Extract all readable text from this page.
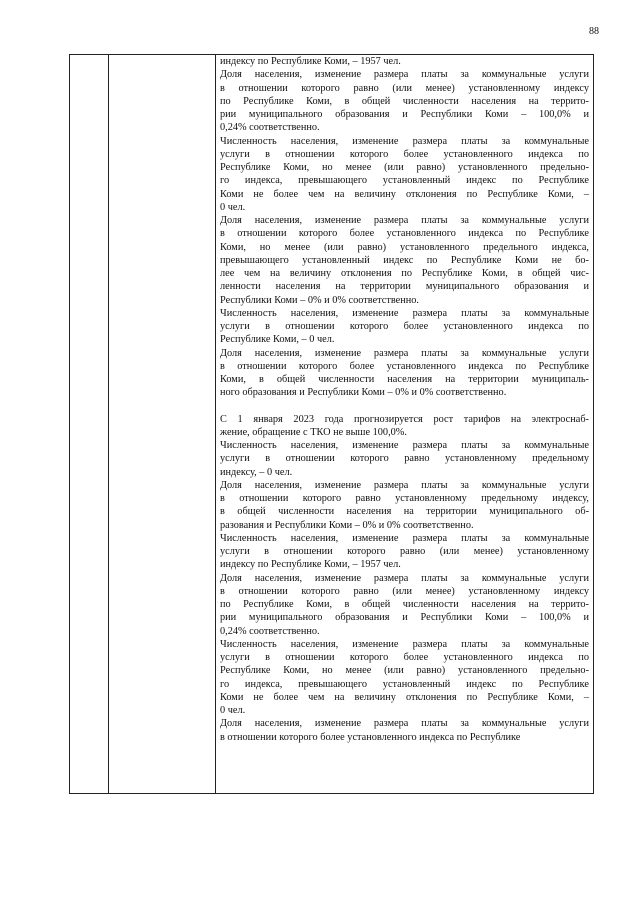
88

индексу по Республике Коми, – 1957 чел.
Доля населения, изменение размера платы за коммунальные услуги
в отношении которого равно (или менее) установленному индексу
по Республике Коми, в общей численности населения на террито-
рии муниципального образования и Республики Коми – 100,0% и
0,24% соответственно.
Численность населения, изменение размера платы за коммунальные
услуги в отношении которого более установленного индекса по
Республике Коми, но менее (или равно) установленного предельно-
го индекса, превышающего установленный индекс по Республике
Коми не более чем на величину отклонения по Республике Коми, –
0 чел.
Доля населения, изменение размера платы за коммунальные услуги
в отношении которого более установленного индекса по Республике
Коми, но менее (или равно) установленного предельного индекса,
превышающего установленный индекс по Республике Коми не бо-
лее чем на величину отклонения по Республике Коми, в общей чис-
ленности населения на территории муниципального образования и
Республики Коми – 0% и 0% соответственно.
Численность населения, изменение размера платы за коммунальные
услуги в отношении которого более установленного индекса по
Республике Коми, – 0 чел.
Доля населения, изменение размера платы за коммунальные услуги
в отношении которого более установленного индекса по Республике
Коми, в общей численности населения на территории муниципаль-
ного образования и Республики Коми – 0% и 0% соответственно.
С 1 января 2023 года прогнозируется рост тарифов на электроснаб-
жение, обращение с ТКО не выше 100,0%.
Численность населения, изменение размера платы за коммунальные
услуги в отношении которого равно установленному предельному
индексу, – 0 чел.
Доля населения, изменение размера платы за коммунальные услуги
в отношении которого равно установленному предельному индексу,
в общей численности населения на территории муниципального об-
разования и Республики Коми – 0% и 0% соответственно.
Численность населения, изменение размера платы за коммунальные
услуги в отношении которого равно (или менее) установленному
индексу по Республике Коми, – 1957 чел.
Доля населения, изменение размера платы за коммунальные услуги
в отношении которого равно (или менее) установленному индексу
по Республике Коми, в общей численности населения на террито-
рии муниципального образования и Республики Коми – 100,0% и
0,24% соответственно.
Численность населения, изменение размера платы за коммунальные
услуги в отношении которого более установленного индекса по
Республике Коми, но менее (или равно) установленного предельно-
го индекса, превышающего установленный индекс по Республике
Коми не более чем на величину отклонения по Республике Коми, –
0 чел.
Доля населения, изменение размера платы за коммунальные услуги
в отношении которого более установленного индекса по Республике
